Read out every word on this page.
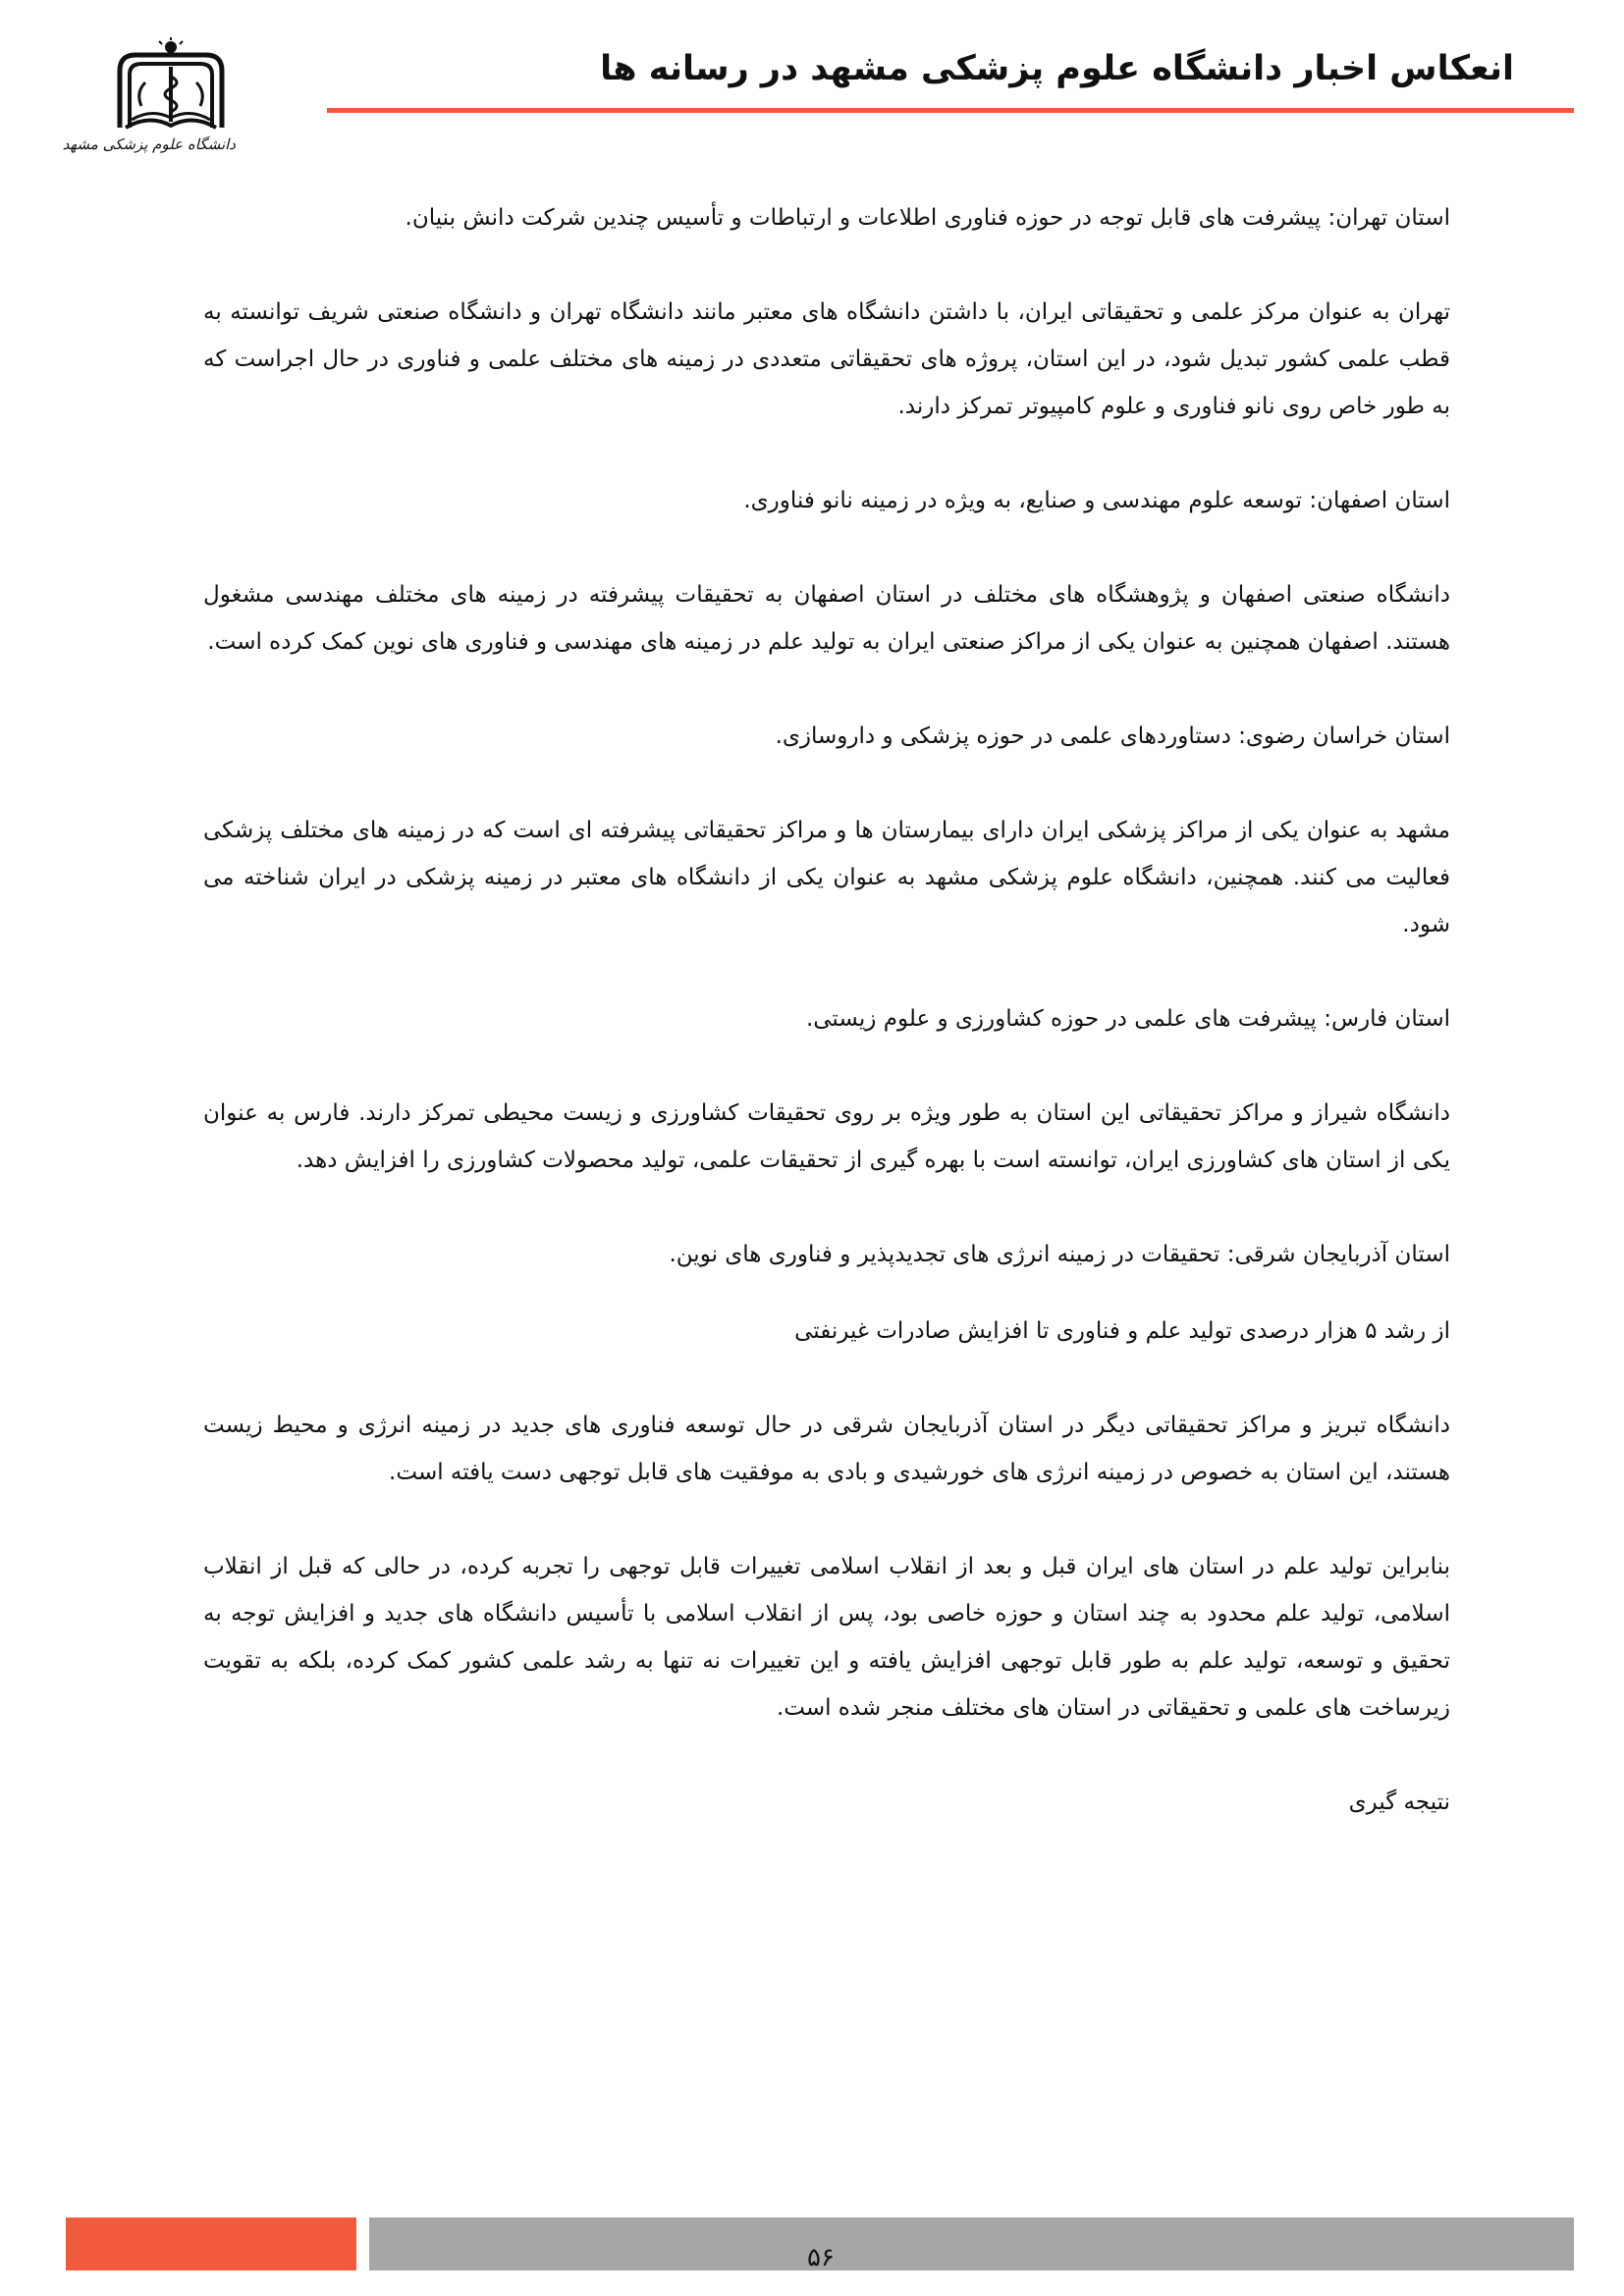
انعکاس اخبار دانشگاه علوم پزشکی مشهد در رسانه ها
دانشگاه علوم پزشکی مشهد

استان تهران: پیشرفت های قابل توجه در حوزه فناوری اطلاعات و ارتباطات و تأسیس چندین شرکت دانش بنیان.

تهران به عنوان مرکز علمی و تحقیقاتی ایران، با داشتن دانشگاه های معتبر مانند دانشگاه تهران و دانشگاه صنعتی شریف توانسته به قطب علمی کشور تبدیل شود، در این استان، پروژه های تحقیقاتی متعددی در زمینه های مختلف علمی و فناوری در حال اجراست که به طور خاص روی نانو فناوری و علوم کامپیوتر تمرکز دارند.

استان اصفهان: توسعه علوم مهندسی و صنایع، به ویژه در زمینه نانو فناوری.

دانشگاه صنعتی اصفهان و پژوهشگاه های مختلف در استان اصفهان به تحقیقات پیشرفته در زمینه های مختلف مهندسی مشغول هستند. اصفهان همچنین به عنوان یکی از مراکز صنعتی ایران به تولید علم در زمینه های مهندسی و فناوری های نوین کمک کرده است.

استان خراسان رضوی: دستاوردهای علمی در حوزه پزشکی و داروسازی.

مشهد به عنوان یکی از مراکز پزشکی ایران دارای بیمارستان ها و مراکز تحقیقاتی پیشرفته ای است که در زمینه های مختلف پزشکی فعالیت می کنند. همچنین، دانشگاه علوم پزشکی مشهد به عنوان یکی از دانشگاه های معتبر در زمینه پزشکی در ایران شناخته می شود.

استان فارس: پیشرفت های علمی در حوزه کشاورزی و علوم زیستی.

دانشگاه شیراز و مراکز تحقیقاتی این استان به طور ویژه بر روی تحقیقات کشاورزی و زیست محیطی تمرکز دارند. فارس به عنوان یکی از استان های کشاورزی ایران، توانسته است با بهره گیری از تحقیقات علمی، تولید محصولات کشاورزی را افزایش دهد.

استان آذربایجان شرقی: تحقیقات در زمینه انرژی های تجدیدپذیر و فناوری های نوین.

از رشد ۵ هزار درصدی تولید علم و فناوری تا افزایش صادرات غیرنفتی

دانشگاه تبریز و مراکز تحقیقاتی دیگر در استان آذربایجان شرقی در حال توسعه فناوری های جدید در زمینه انرژی و محیط زیست هستند، این استان به خصوص در زمینه انرژی های خورشیدی و بادی به موفقیت های قابل توجهی دست یافته است.

بنابراین تولید علم در استان های ایران قبل و بعد از انقلاب اسلامی تغییرات قابل توجهی را تجربه کرده، در حالی که قبل از انقلاب اسلامی، تولید علم محدود به چند استان و حوزه خاصی بود، پس از انقلاب اسلامی با تأسیس دانشگاه های جدید و افزایش توجه به تحقیق و توسعه، تولید علم به طور قابل توجهی افزایش یافته و این تغییرات نه تنها به رشد علمی کشور کمک کرده، بلکه به تقویت زیرساخت های علمی و تحقیقاتی در استان های مختلف منجر شده است.

نتیجه گیری

۵۶
